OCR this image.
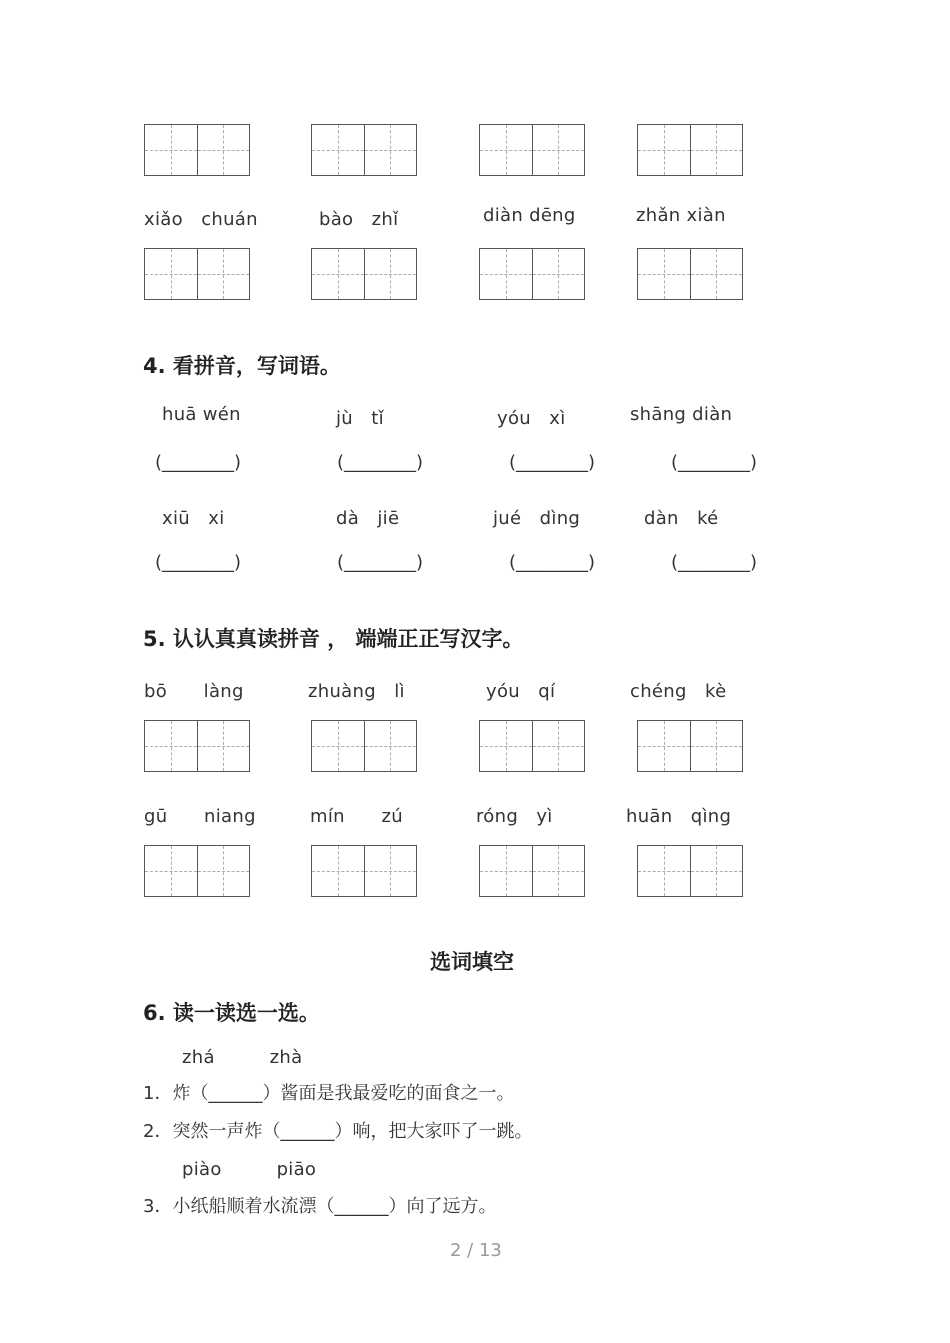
xiǎo　chuán	bào　zhǐ	diàn dēng	zhǎn xiàn
4. 看拼音，写词语。
huā wén	jù　tǐ	yóu　xì	shāng diàn
(________)	(________)	(________)	(________)
xiū　xi	dà　jiē	jué　dìng	dàn　ké
(________)	(________)	(________)	(________)
5. 认认真真读拼音 ， 端端正正写汉字。
bō　　làng	zhuàng　lì	yóu　qí	chéng　kè
gū　　niang	mín　　zú	róng　yì	huān　qìng
选词填空
6. 读一读选一选。
zhá　　　zhà
1．炸（______）酱面是我最爱吃的面食之一。
2．突然一声炸（______）响，把大家吓了一跳。
piào　　　piāo
3．小纸船顺着水流漂（______）向了远方。
2 / 13
